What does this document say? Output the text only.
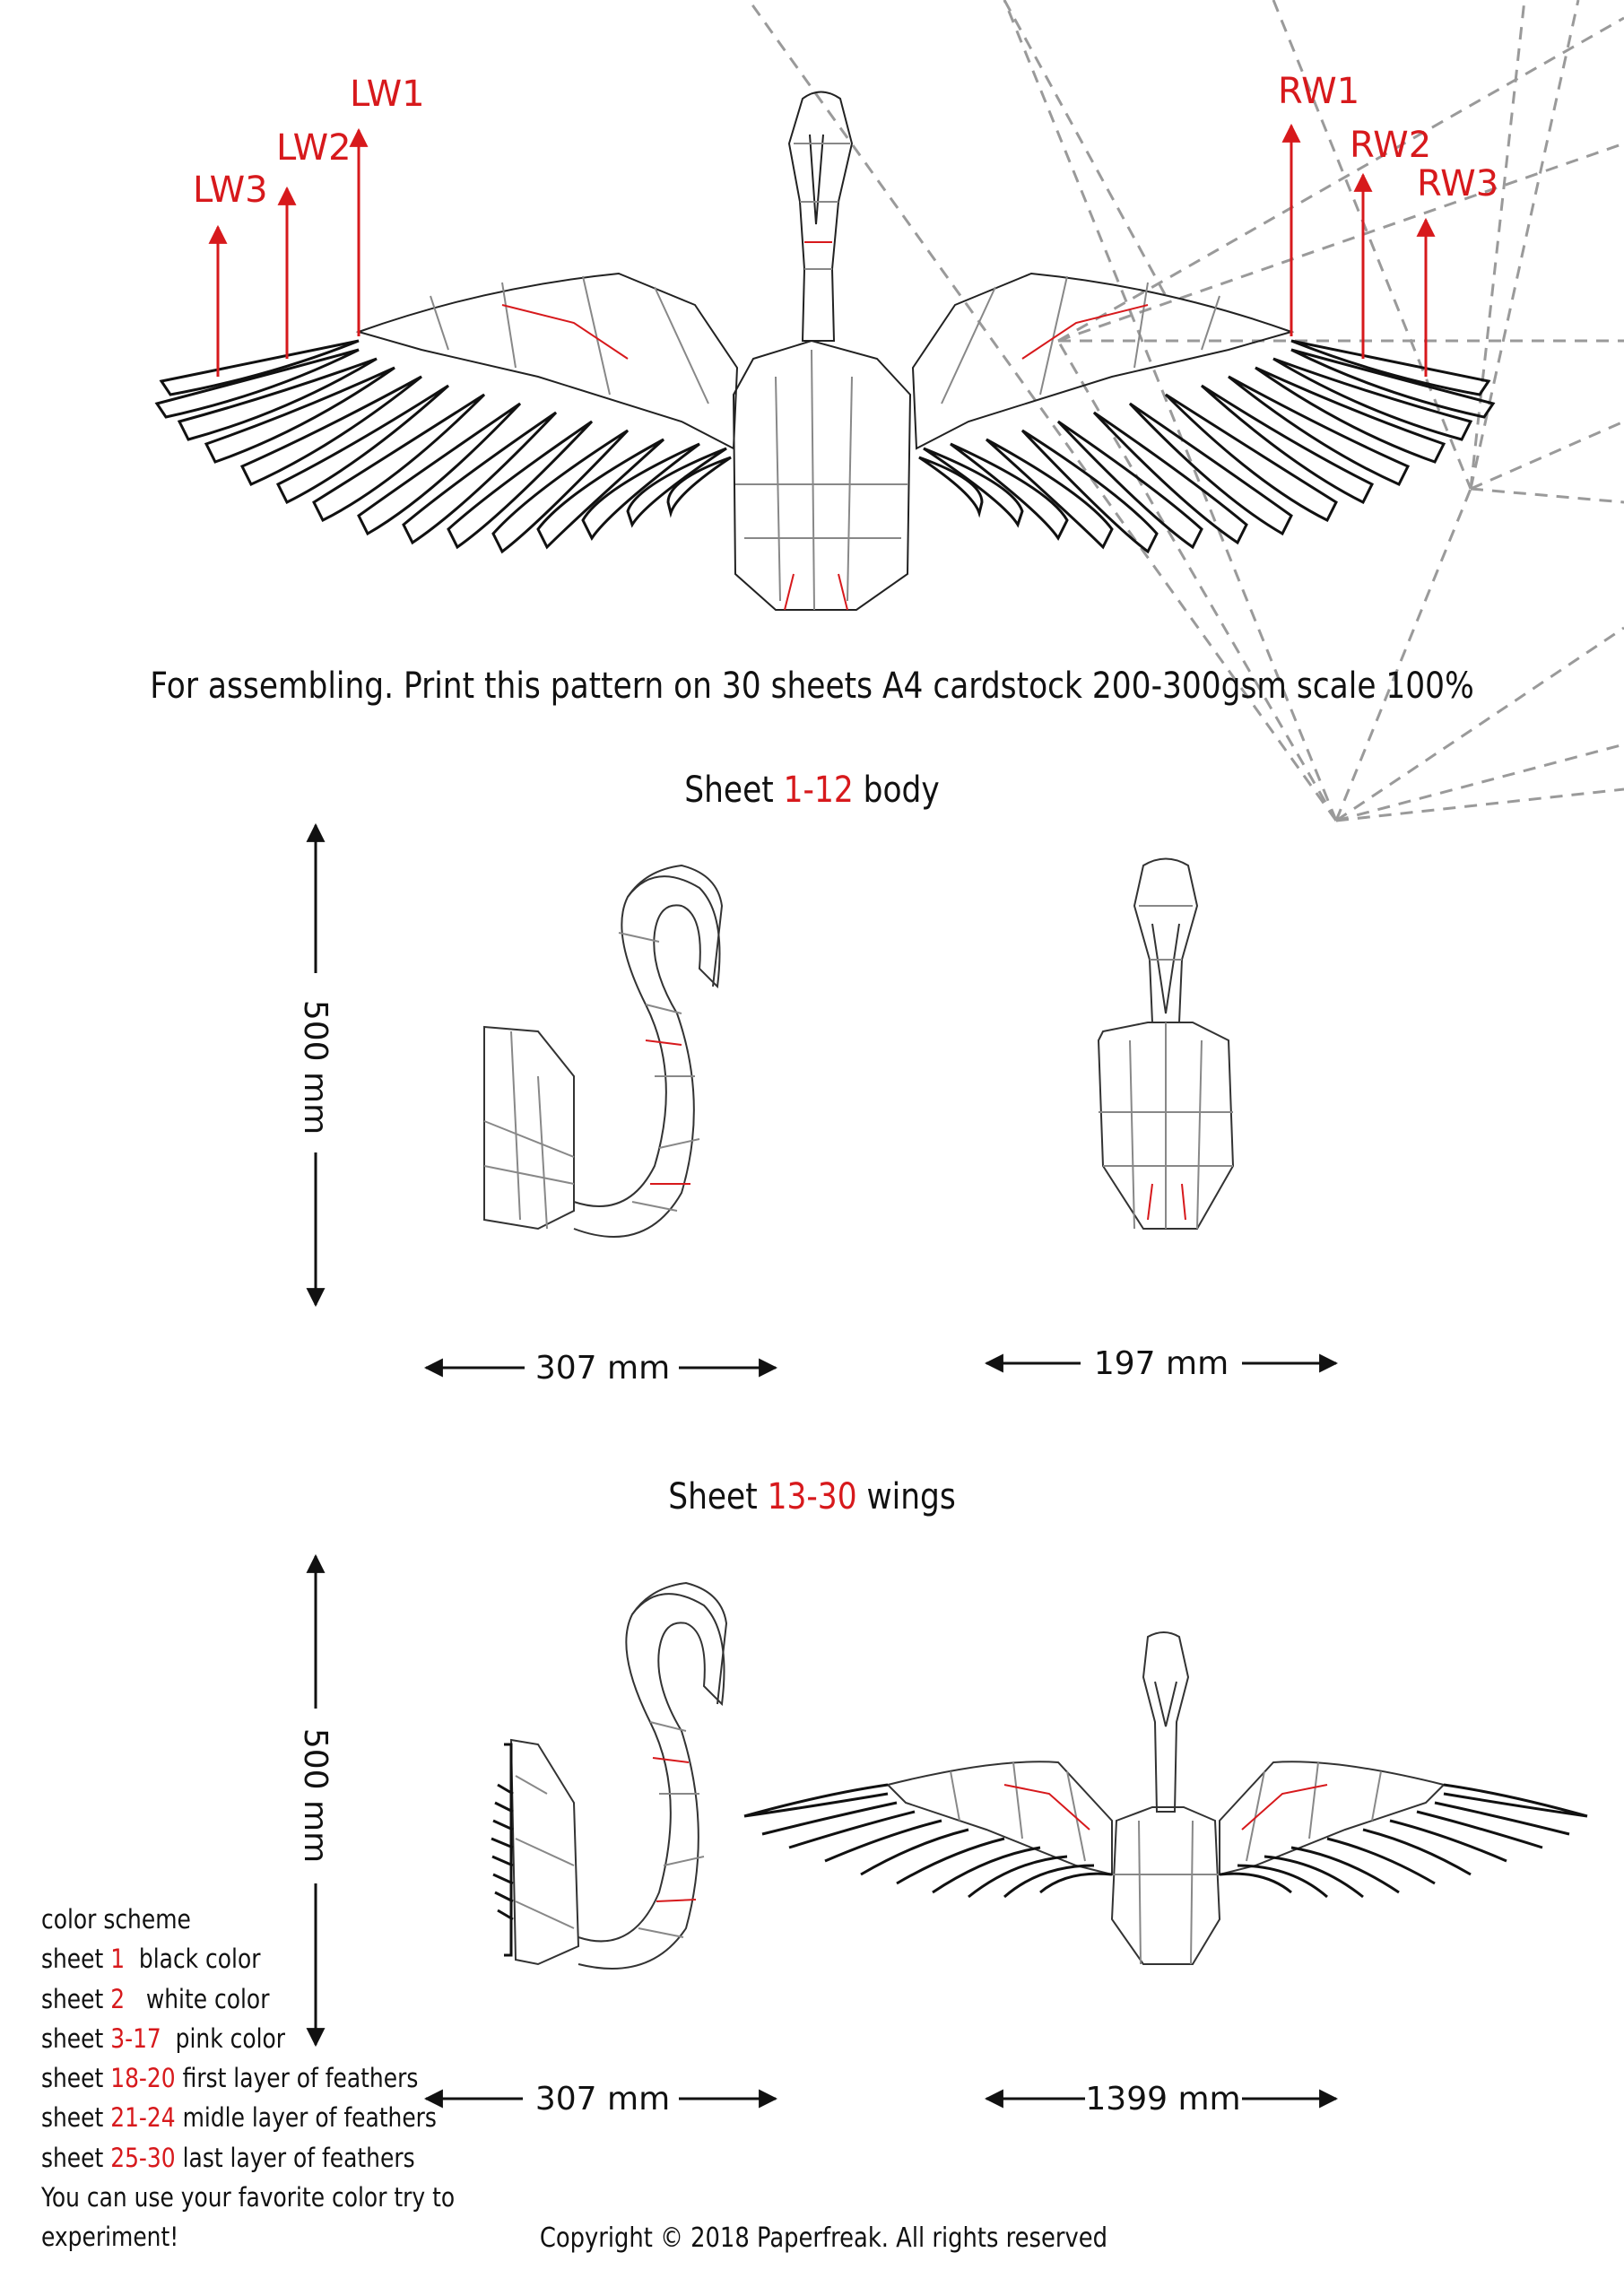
LW3
LW2
LW1	RW1
RW2
RW3
500 mm
307 mm	197 mm
500 mm
307 mm	1399 mm
For assembling. Print this pattern on 30 sheets A4 cardstock 200-300gsm scale 100%
Sheet 1-12 body
Sheet 13-30 wings
color scheme
sheet 1  black color
sheet 2   white color
sheet 3-17  pink color
sheet 18-20 first layer of feathers
sheet 21-24 midle layer of feathers
sheet 25-30 last layer of feathers
You can use your favorite color try to
experiment!	Copyright © 2018 Paperfreak. All rights reserved
